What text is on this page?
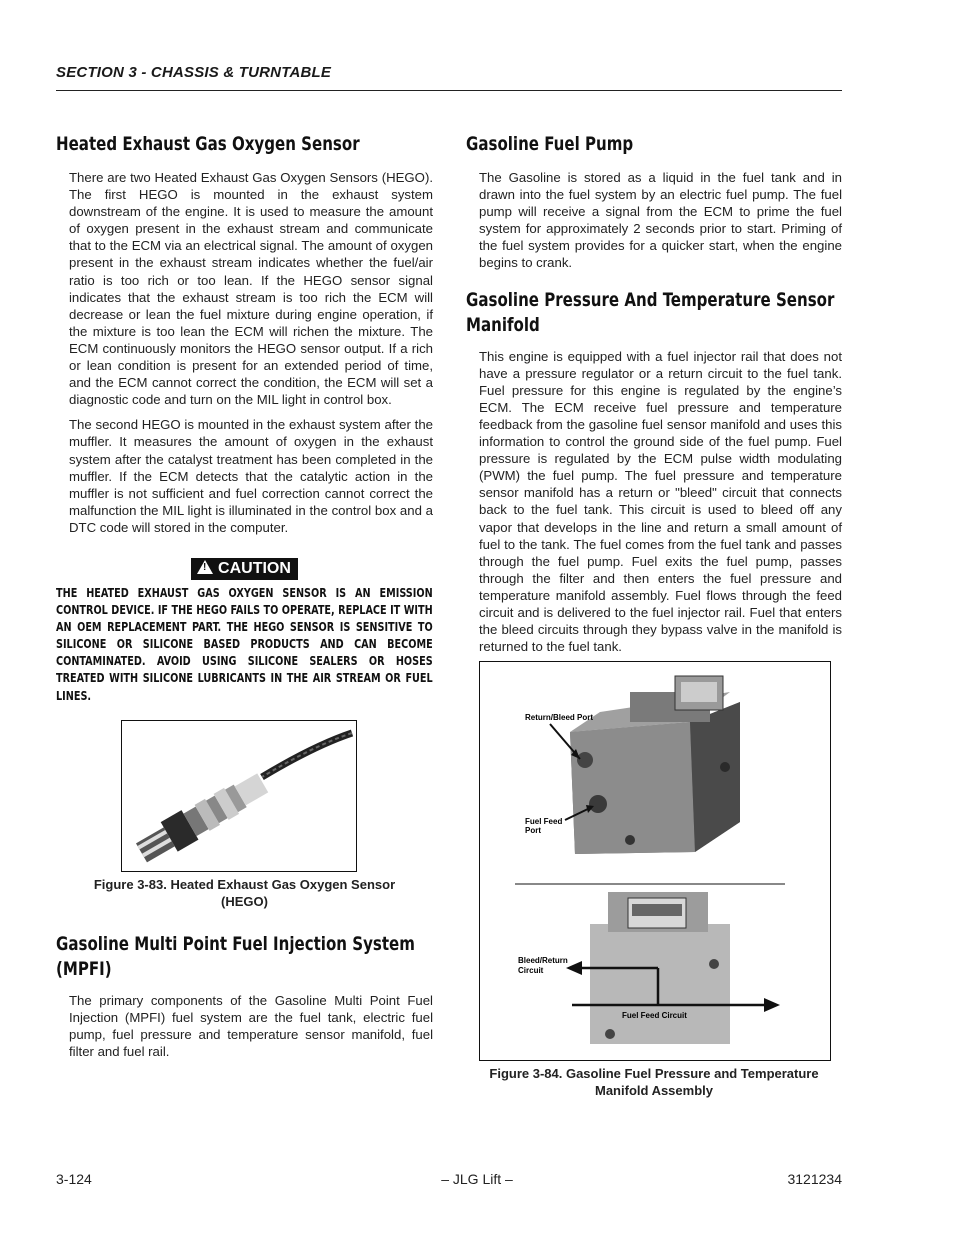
SECTION 3 - CHASSIS & TURNTABLE
Heated Exhaust Gas Oxygen Sensor

There are two Heated Exhaust Gas Oxygen Sensors (HEGO). The first HEGO is mounted in the exhaust system downstream of the engine. It is used to measure the amount of oxygen present in the exhaust stream and communicate that to the ECM via an electrical signal. The amount of oxygen present in the exhaust stream indicates whether the fuel/air ratio is too rich or too lean. If the HEGO sensor signal indicates that the exhaust stream is too rich the ECM will decrease or lean the fuel mixture during engine operation, if the mixture is too lean the ECM will richen the mixture. The ECM continuously monitors the HEGO sensor output. If a rich or lean condition is present for an extended period of time, and the ECM cannot correct the condition, the ECM will set a diagnostic code and turn on the MIL light in control box.

The second HEGO is mounted in the exhaust system after the muffler. It measures the amount of oxygen in the exhaust system after the catalyst treatment has been completed in the muffler. If the ECM detects that the catalytic action in the muffler is not sufficient and fuel correction cannot correct the malfunction the MIL light is illuminated in the control box and a DTC code will stored in the computer.

!CAUTION

THE HEATED EXHAUST GAS OXYGEN SENSOR IS AN EMISSION CONTROL DEVICE. IF THE HEGO FAILS TO OPERATE, REPLACE IT WITH AN OEM REPLACEMENT PART. THE HEGO SENSOR IS SENSITIVE TO SILICONE OR SILICONE BASED PRODUCTS AND CAN BECOME CONTAMINATED. AVOID USING SILICONE SEALERS OR HOSES TREATED WITH SILICONE LUBRICANTS IN THE AIR STREAM OR FUEL LINES.

Figure 3-83. Heated Exhaust Gas Oxygen Sensor
(HEGO)
Gasoline Multi Point Fuel Injection System (MPFI)

The primary components of the Gasoline Multi Point Fuel Injection (MPFI) fuel system are the fuel tank, electric fuel pump, fuel pressure and temperature sensor manifold, fuel filter and fuel rail.

Gasoline Fuel Pump

The Gasoline is stored as a liquid in the fuel tank and in drawn into the fuel system by an electric fuel pump. The fuel pump will receive a signal from the ECM to prime the fuel system for approximately 2 seconds prior to start. Priming of the fuel system provides for a quicker start, when the engine begins to crank.

Gasoline Pressure And Temperature Sensor Manifold

This engine is equipped with a fuel injector rail that does not have a pressure regulator or a return circuit to the fuel tank. Fuel pressure for this engine is regulated by the engine’s ECM. The ECM receive fuel pressure and temperature feedback from the gasoline fuel sensor manifold and uses this information to control the ground side of the fuel pump. Fuel pressure is regulated by the ECM pulse width modulating (PWM) the fuel pump. The fuel pressure and temperature sensor manifold has a return or "bleed" circuit that connects back to the fuel tank. This circuit is used to bleed off any vapor that develops in the line and return a small amount of fuel to the tank. The fuel comes from the fuel tank and passes through the fuel pump. Fuel exits the fuel pump, passes through the filter and then enters the fuel pressure and temperature manifold assembly. Fuel flows through the feed circuit and is delivered to the fuel injector rail. Fuel that enters the bleed circuits through they bypass valve in the manifold is returned to the fuel tank.

Return/Bleed Port
Fuel Feed
Port
Bleed/Return
Circuit
Fuel Feed Circuit
Figure 3-84. Gasoline Fuel Pressure and Temperature
Manifold Assembly
3-124	– JLG Lift –	3121234
